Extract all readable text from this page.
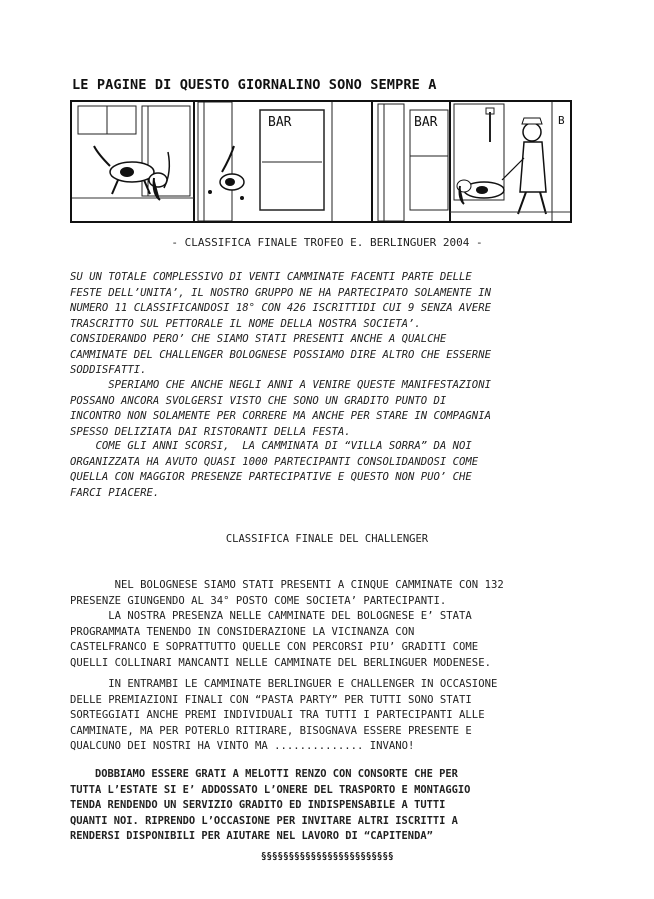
LE PAGINE DI QUESTO GIORNALINO SONO SEMPRE A

BAR	BAR	B
- CLASSIFICA FINALE TROFEO E. BERLINGUER 2004 -
SU UN TOTALE COMPLESSIVO DI VENTI CAMMINATE FACENTI PARTE DELLE
FESTE DELL’UNITA’, IL NOSTRO GRUPPO NE HA PARTECIPATO SOLAMENTE IN
NUMERO 11 CLASSIFICANDOSI 18° CON 426 ISCRITTIDI CUI 9 SENZA AVERE
TRASCRITTO SUL PETTORALE IL NOME DELLA NOSTRA SOCIETA’.
CONSIDERANDO PERO’ CHE SIAMO STATI PRESENTI ANCHE A QUALCHE
CAMMINATE DEL CHALLENGER BOLOGNESE POSSIAMO DIRE ALTRO CHE ESSERNE
SODDISFATTI.
SPERIAMO CHE ANCHE NEGLI ANNI A VENIRE QUESTE MANIFESTAZIONI
POSSANO ANCORA SVOLGERSI VISTO CHE SONO UN GRADITO PUNTO DI
INCONTRO NON SOLAMENTE PER CORRERE MA ANCHE PER STARE IN COMPAGNIA
SPESSO DELIZIATA DAI RISTORANTI DELLA FESTA.
COME GLI ANNI SCORSI,  LA CAMMINATA DI “VILLA SORRA” DA NOI
ORGANIZZATA HA AVUTO QUASI 1000 PARTECIPANTI CONSOLIDANDOSI COME
QUELLA CON MAGGIOR PRESENZE PARTECIPATIVE E QUESTO NON PUO’ CHE
FARCI PIACERE.
CLASSIFICA FINALE DEL CHALLENGER
NEL BOLOGNESE SIAMO STATI PRESENTI A CINQUE CAMMINATE CON 132
PRESENZE GIUNGENDO AL 34° POSTO COME SOCIETA’ PARTECIPANTI.
LA NOSTRA PRESENZA NELLE CAMMINATE DEL BOLOGNESE E’ STATA
PROGRAMMATA TENENDO IN CONSIDERAZIONE LA VICINANZA CON
CASTELFRANCO E SOPRATTUTTO QUELLE CON PERCORSI PIU’ GRADITI COME
QUELLI COLLINARI MANCANTI NELLE CAMMINATE DEL BERLINGUER MODENESE.
IN ENTRAMBI LE CAMMINATE BERLINGUER E CHALLENGER IN OCCASIONE
DELLE PREMIAZIONI FINALI CON “PASTA PARTY” PER TUTTI SONO STATI
SORTEGGIATI ANCHE PREMI INDIVIDUALI TRA TUTTI I PARTECIPANTI ALLE
CAMMINATE, MA PER POTERLO RITIRARE, BISOGNAVA ESSERE PRESENTE E
QUALCUNO DEI NOSTRI HA VINTO MA .............. INVANO!
DOBBIAMO ESSERE GRATI A MELOTTI RENZO CON CONSORTE CHE PER
TUTTA L’ESTATE SI E’ ADDOSSATO L’ONERE DEL TRASPORTO E MONTAGGIO
TENDA RENDENDO UN SERVIZIO GRADITO ED INDISPENSABILE A TUTTI
QUANTI NOI. RIPRENDO L’OCCASIONE PER INVITARE ALTRI ISCRITTI A
RENDERSI DISPONIBILI PER AIUTARE NEL LAVORO DI “CAPITENDA”
§§§§§§§§§§§§§§§§§§§§§§§§
